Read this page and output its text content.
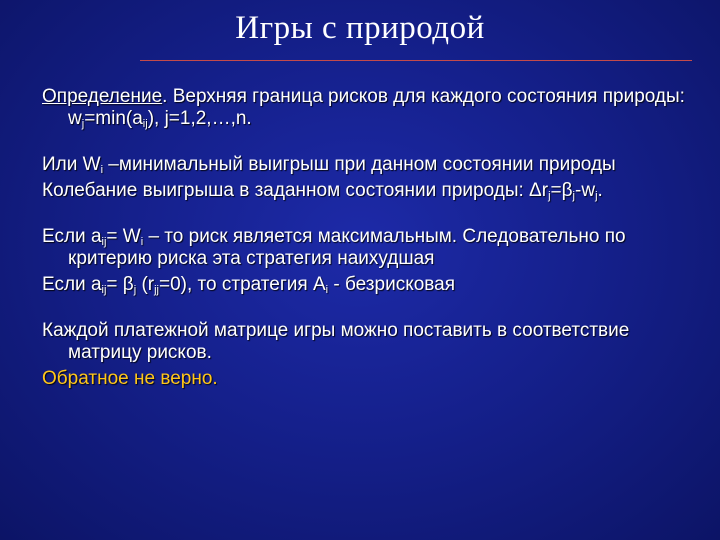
Игры с природой

Определение. Верхняя граница рисков для каждого состояния природы: $w_j=\min(a_{ij})$, j=1,2,…,n.

Или $W_i$ –минимальный выигрыш при данном состоянии природы

Колебание выигрыша в заданном состоянии природы: $\Delta r_j=\beta_j-w_j$.

Если $a_{ij}= W_i$ – то риск является максимальным. Следовательно по критерию риска эта стратегия наихудшая

Если $a_{ij}= \beta_j$ $(r_{jj}=0)$, то стратегия $A_i$ - безрисковая

Каждой платежной матрице игры можно поставить в соответствие матрицу рисков.

Обратное не верно.
